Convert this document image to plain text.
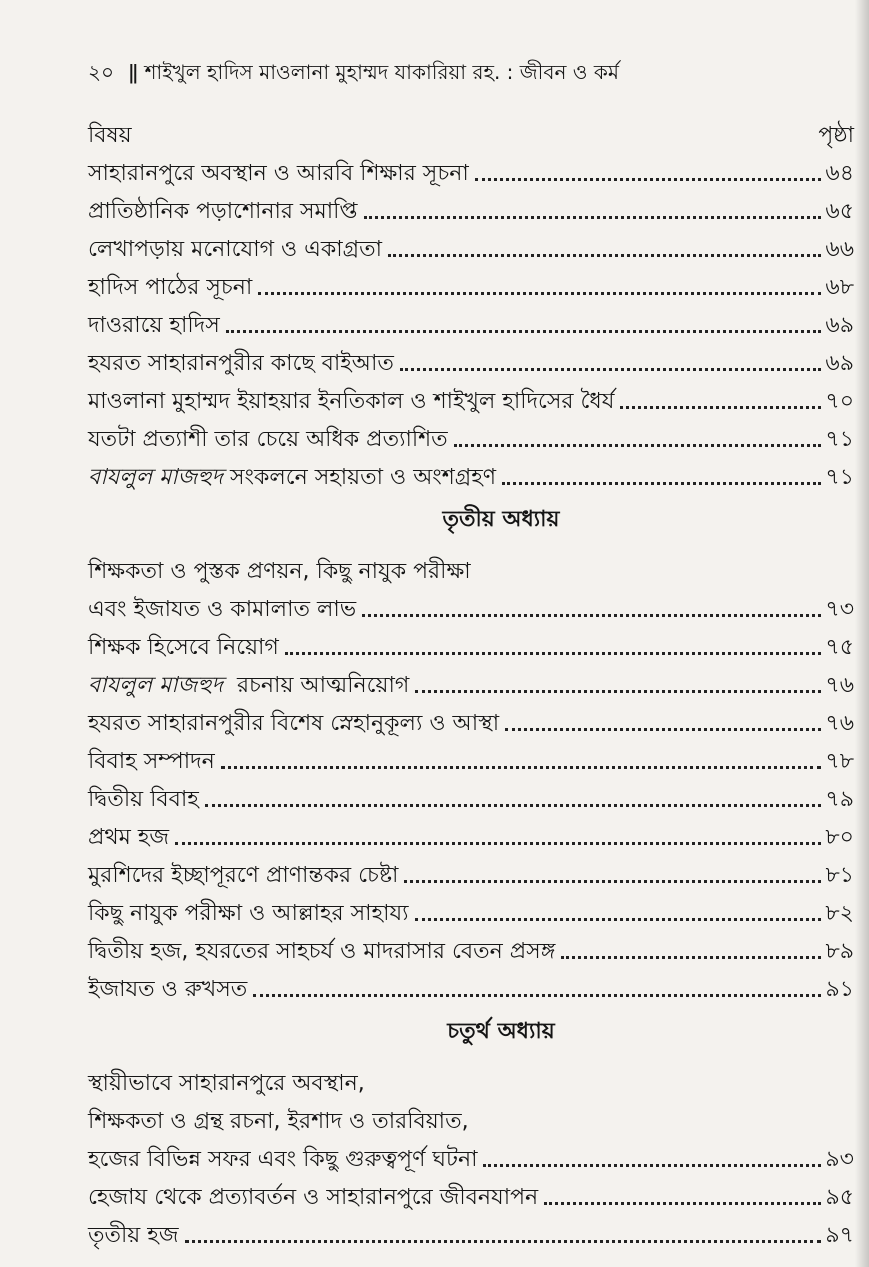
২০ ǁ শাইখুল হাদিস মাওলানা মুহাম্মদ যাকারিয়া রহ. : জীবন ও কর্ম
বিষয়	পৃষ্ঠা
সাহারানপুরে অবস্থান ও আরবি শিক্ষার সূচনা	৬৪
প্রাতিষ্ঠানিক পড়াশোনার সমাপ্তি	৬৫
লেখাপড়ায় মনোযোগ ও একাগ্রতা	৬৬
হাদিস পাঠের সূচনা	৬৮
দাওরায়ে হাদিস	৬৯
হযরত সাহারানপুরীর কাছে বাইআত	৬৯
মাওলানা মুহাম্মদ ইয়াহয়ার ইনতিকাল ও শাইখুল হাদিসের ধৈর্য	৭০
যতটা প্রত্যাশী তার চেয়ে অধিক প্রত্যাশিত	৭১
বাযলুল মাজহুদ সংকলনে সহায়তা ও অংশগ্রহণ	৭১
তৃতীয় অধ্যায়
শিক্ষকতা ও পুস্তক প্রণয়ন, কিছু নাযুক পরীক্ষা
এবং ইজাযত ও কামালাত লাভ	৭৩
শিক্ষক হিসেবে নিয়োগ	৭৫
বাযলুল মাজহুদ  রচনায় আত্মনিয়োগ	৭৬
হযরত সাহারানপুরীর বিশেষ স্নেহানুকূল্য ও আস্থা	৭৬
বিবাহ সম্পাদন	৭৮
দ্বিতীয় বিবাহ	৭৯
প্রথম হজ	৮০
মুরশিদের ইচ্ছাপূরণে প্রাণান্তকর চেষ্টা	৮১
কিছু নাযুক পরীক্ষা ও আল্লাহর সাহায্য	৮২
দ্বিতীয় হজ, হযরতের সাহচর্য ও মাদরাসার বেতন প্রসঙ্গ	৮৯
ইজাযত ও রুখসত	৯১
চতুর্থ অধ্যায়
স্থায়ীভাবে সাহারানপুরে অবস্থান,
শিক্ষকতা ও গ্রন্থ রচনা, ইরশাদ ও তারবিয়াত,
হজের বিভিন্ন সফর এবং কিছু গুরুত্বপূর্ণ ঘটনা	৯৩
হেজায থেকে প্রত্যাবর্তন ও সাহারানপুরে জীবনযাপন	৯৫
তৃতীয় হজ	৯৭
